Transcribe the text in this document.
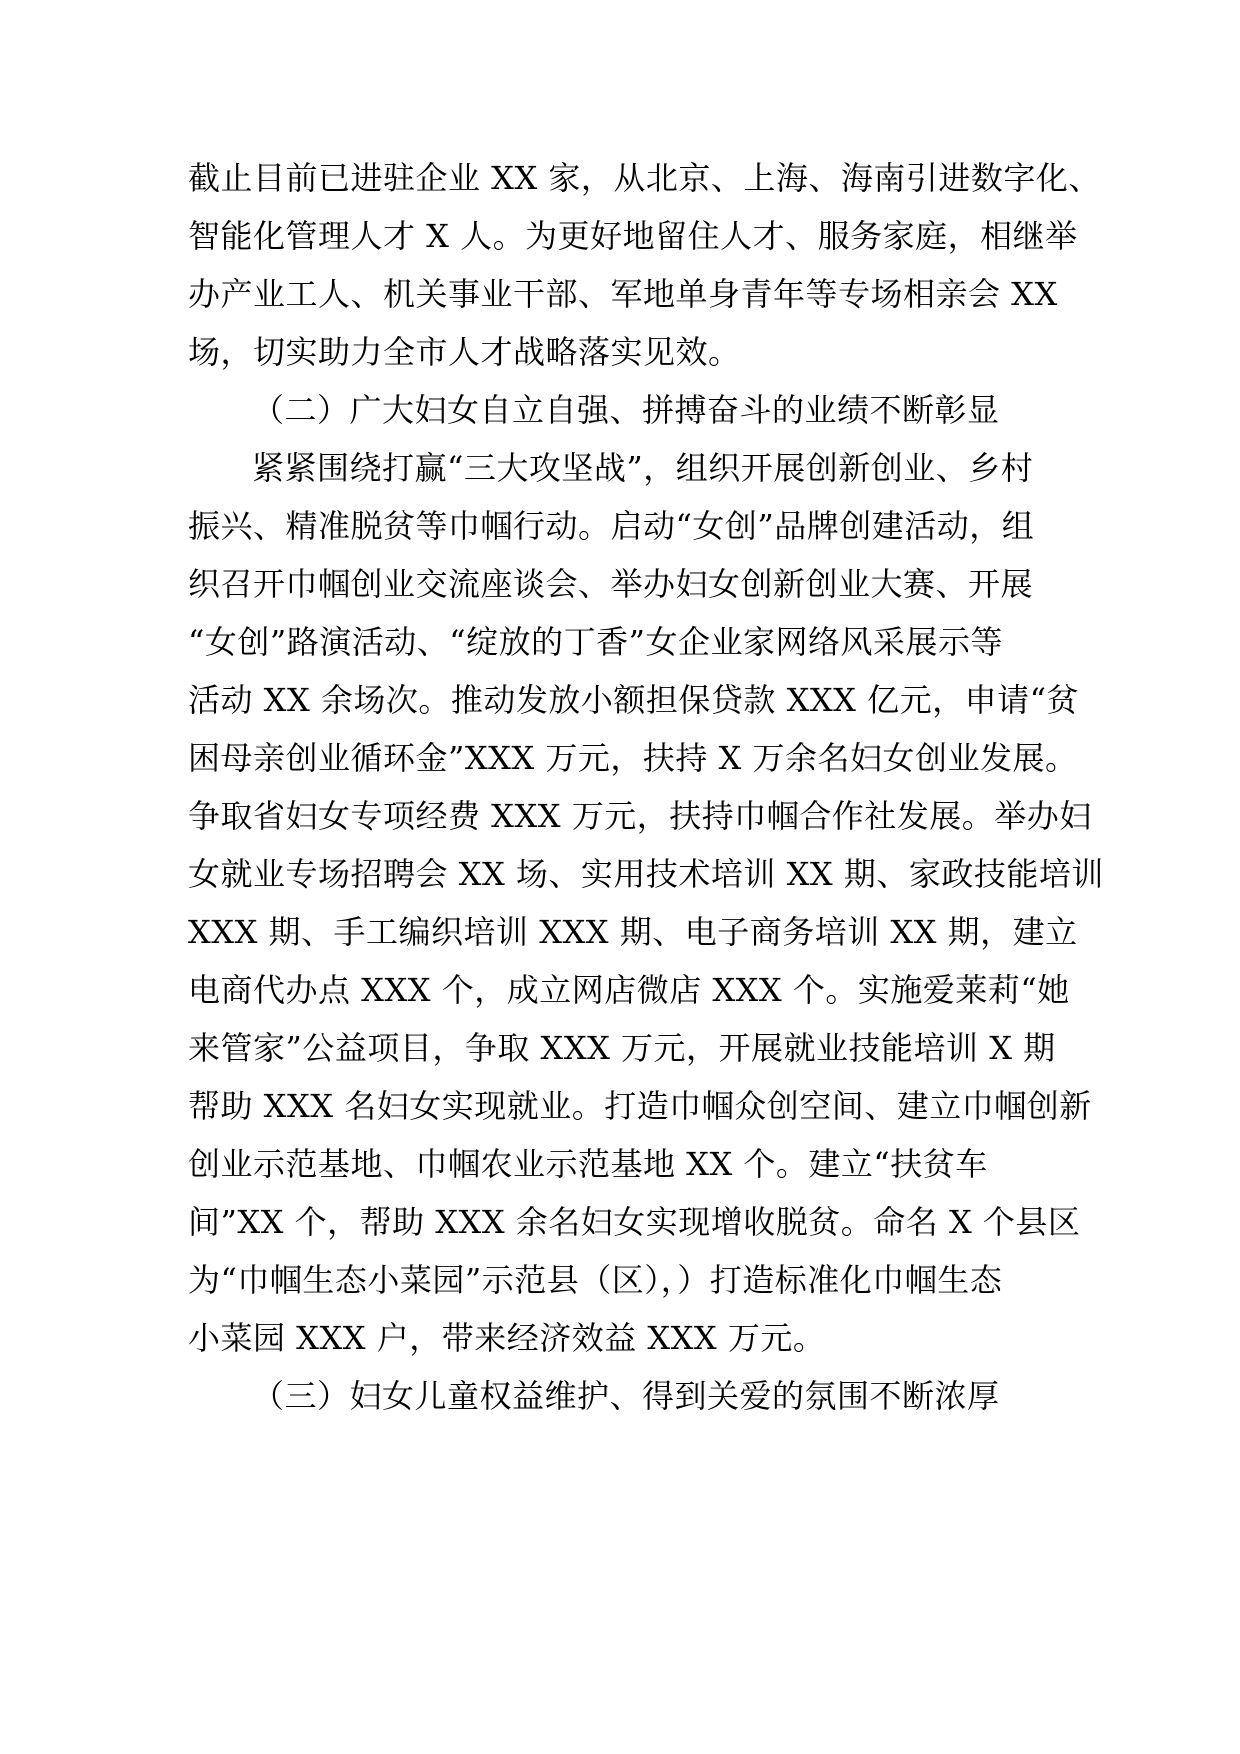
截止目前已进驻企业 XX 家，从北京、上海、海南引进数字化、
智能化管理人才 X 人。为更好地留住人才、服务家庭，相继举
办产业工人、机关事业干部、军地单身青年等专场相亲会 XX
场，切实助力全市人才战略落实见效。
（二）广大妇女自立自强、拼搏奋斗的业绩不断彰显
紧紧围绕打赢“三大攻坚战”，组织开展创新创业、乡村
振兴、精准脱贫等巾帼行动。启动“女创”品牌创建活动，组
织召开巾帼创业交流座谈会、举办妇女创新创业大赛、开展
“女创”路演活动、“绽放的丁香”女企业家网络风采展示等
活动 XX 余场次。推动发放小额担保贷款 XXX 亿元，申请“贫
困母亲创业循环金”XXX 万元，扶持 X 万余名妇女创业发展。
争取省妇女专项经费 XXX 万元，扶持巾帼合作社发展。举办妇
女就业专场招聘会 XX 场、实用技术培训 XX 期、家政技能培训
XXX 期、手工编织培训 XXX 期、电子商务培训 XX 期，建立
电商代办点 XXX 个，成立网店微店 XXX 个。实施爱莱莉“她
来管家”公益项目，争取 XXX 万元，开展就业技能培训 X 期
帮助 XXX 名妇女实现就业。打造巾帼众创空间、建立巾帼创新
创业示范基地、巾帼农业示范基地 XX 个。建立“扶贫车
间”XX 个，帮助 XXX 余名妇女实现增收脱贫。命名 X 个县区
为“巾帼生态小菜园”示范县（区），）打造标准化巾帼生态
小菜园 XXX 户，带来经济效益 XXX 万元。
（三）妇女儿童权益维护、得到关爱的氛围不断浓厚
